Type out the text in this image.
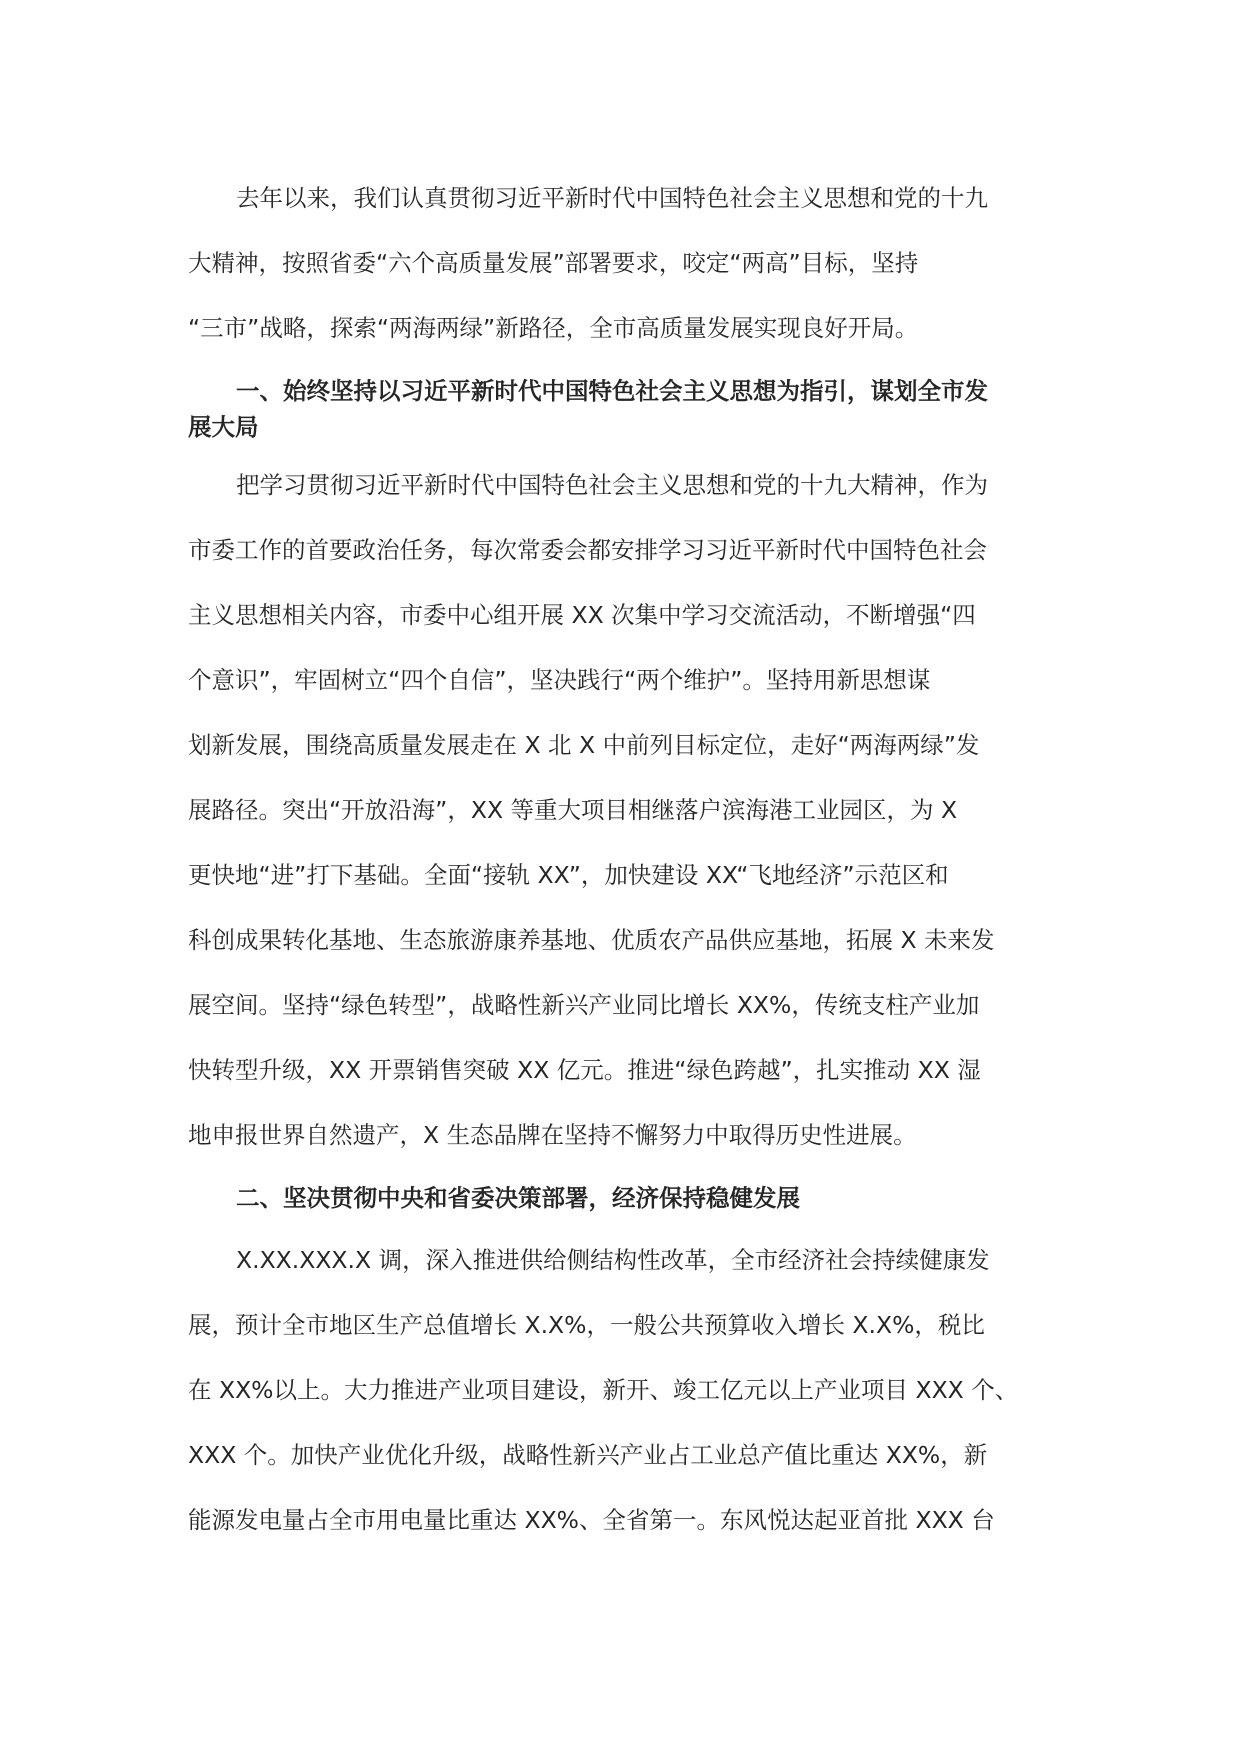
去年以来，我们认真贯彻习近平新时代中国特色社会主义思想和党的十九

大精神，按照省委“六个高质量发展”部署要求，咬定“两高”目标，坚持

“三市”战略，探索“两海两绿”新路径，全市高质量发展实现良好开局。

一、始终坚持以习近平新时代中国特色社会主义思想为指引，谋划全市发

展大局

把学习贯彻习近平新时代中国特色社会主义思想和党的十九大精神，作为

市委工作的首要政治任务，每次常委会都安排学习习近平新时代中国特色社会

主义思想相关内容，市委中心组开展 XX 次集中学习交流活动，不断增强“四

个意识”，牢固树立“四个自信”，坚决践行“两个维护”。坚持用新思想谋

划新发展，围绕高质量发展走在 X 北 X 中前列目标定位，走好“两海两绿”发

展路径。突出“开放沿海”，XX 等重大项目相继落户滨海港工业园区，为 X

更快地“进”打下基础。全面“接轨 XX”，加快建设 XX“飞地经济”示范区和

科创成果转化基地、生态旅游康养基地、优质农产品供应基地，拓展 X 未来发

展空间。坚持“绿色转型”，战略性新兴产业同比增长 XX%，传统支柱产业加

快转型升级，XX 开票销售突破 XX 亿元。推进“绿色跨越”，扎实推动 XX 湿

地申报世界自然遗产，X 生态品牌在坚持不懈努力中取得历史性进展。

二、坚决贯彻中央和省委决策部署，经济保持稳健发展

X.XX.XXX.X 调，深入推进供给侧结构性改革，全市经济社会持续健康发

展，预计全市地区生产总值增长 X.X%，一般公共预算收入增长 X.X%，税比

在 XX%以上。大力推进产业项目建设，新开、竣工亿元以上产业项目 XXX 个、

XXX 个。加快产业优化升级，战略性新兴产业占工业总产值比重达 XX%，新

能源发电量占全市用电量比重达 XX%、全省第一。东风悦达起亚首批 XXX 台
